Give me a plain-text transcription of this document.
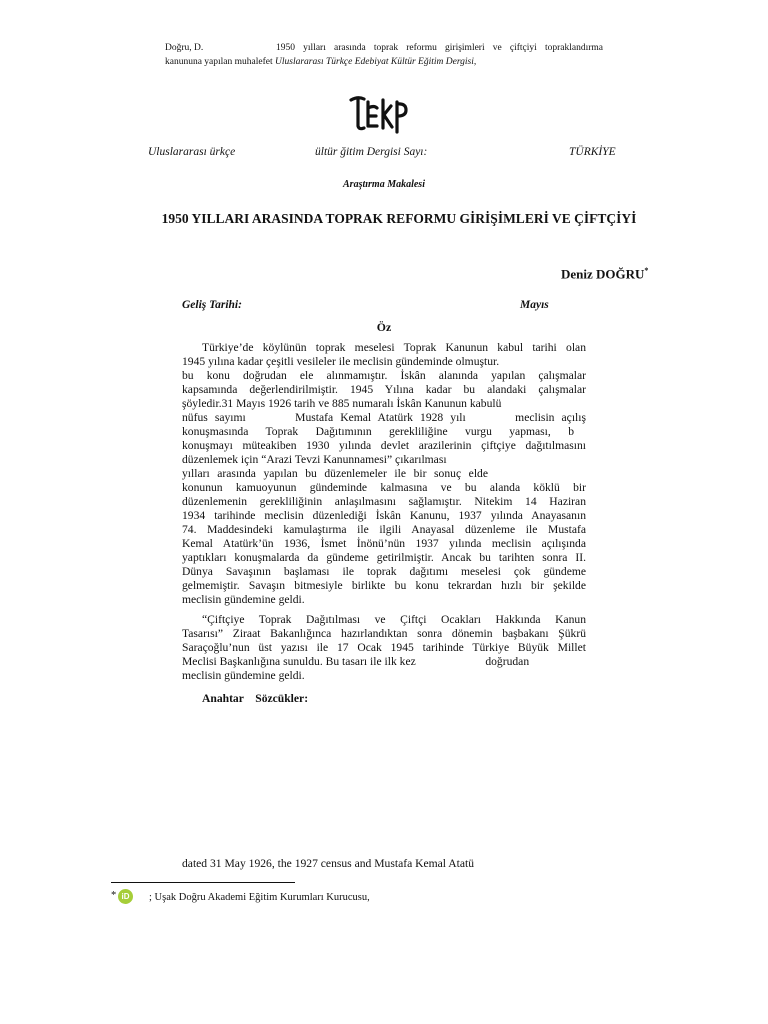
Doğru, D.	1950 yılları arasında toprak reformu girişimleri ve çiftçiyi topraklandırma
kanununa yapılan muhalefet Uluslararası Türkçe Edebiyat Kültür Eğitim Dergisi,
Uluslararası ürkçe	ültür ğitim Dergisi Sayı:	TÜRKİYE
Araştırma Makalesi
1950 YILLARI ARASINDA TOPRAK REFORMU GİRİŞİMLERİ VE ÇİFTÇİYİ
Deniz DOĞRU*
Geliş Tarihi:	Mayıs
Öz
Türkiye’de köylünün toprak meselesi Toprak Kanunun kabul tarihi olan
1945 yılına kadar çeşitli vesileler ile meclisin gündeminde olmuştur.
bu konu doğrudan ele alınmamıştır. İskân alanında yapılan çalışmalar
kapsamında değerlendirilmiştir. 1945 Yılına kadar bu alandaki çalışmalar
şöyledir.31 Mayıs 1926 tarih ve 885 numaralı İskân Kanunun kabulü
nüfus sayımı       Mustafa Kemal Atatürk 1928 yılı       meclisin açılış
konuşmasında Toprak Dağıtımının gerekliliğine vurgu yapması, b
konuşmayı müteakiben 1930 yılında devlet arazilerinin çiftçiye dağıtılmasını
düzenlemek için “Arazi Tevzi Kanunnamesi” çıkarılması
yılları arasında yapılan bu düzenlemeler ile bir sonuç elde
konunun kamuoyunun gündeminde kalmasına ve bu alanda köklü bir
düzenlemenin gerekliliğinin anlaşılmasını sağlamıştır. Nitekim 14 Haziran
1934 tarihinde meclisin düzenlediği İskân Kanunu, 1937 yılında Anayasanın
74. Maddesindeki kamulaştırma ile ilgili Anayasal düzenleme ile Mustafa
Kemal Atatürk’ün 1936, İsmet İnönü’nün 1937 yılında meclisin açılışında
yaptıkları konuşmalarda da gündeme getirilmiştir. Ancak bu tarihten sonra II.
Dünya Savaşının başlaması ile toprak dağıtımı meselesi çok gündeme
gelmemiştir. Savaşın bitmesiyle birlikte bu konu tekrardan hızlı bir şekilde
meclisin gündemine geldi.
“Çiftçiye Toprak Dağıtılması ve Çiftçi Ocakları Hakkında Kanun
Tasarısı” Ziraat Bakanlığınca hazırlandıktan sonra dönemin başbakanı Şükrü
Saraçoğlu’nun üst yazısı ile 17 Ocak 1945 tarihinde Türkiye Büyük Millet
Meclisi Başkanlığına sunuldu. Bu tasarı ile ilk kez                        doğrudan
meclisin gündemine geldi.
Anahtar    Sözcükler:
dated 31 May 1926, the 1927 census and Mustafa Kemal Atatü
* iD	; Uşak Doğru Akademi Eğitim Kurumları Kurucusu,
